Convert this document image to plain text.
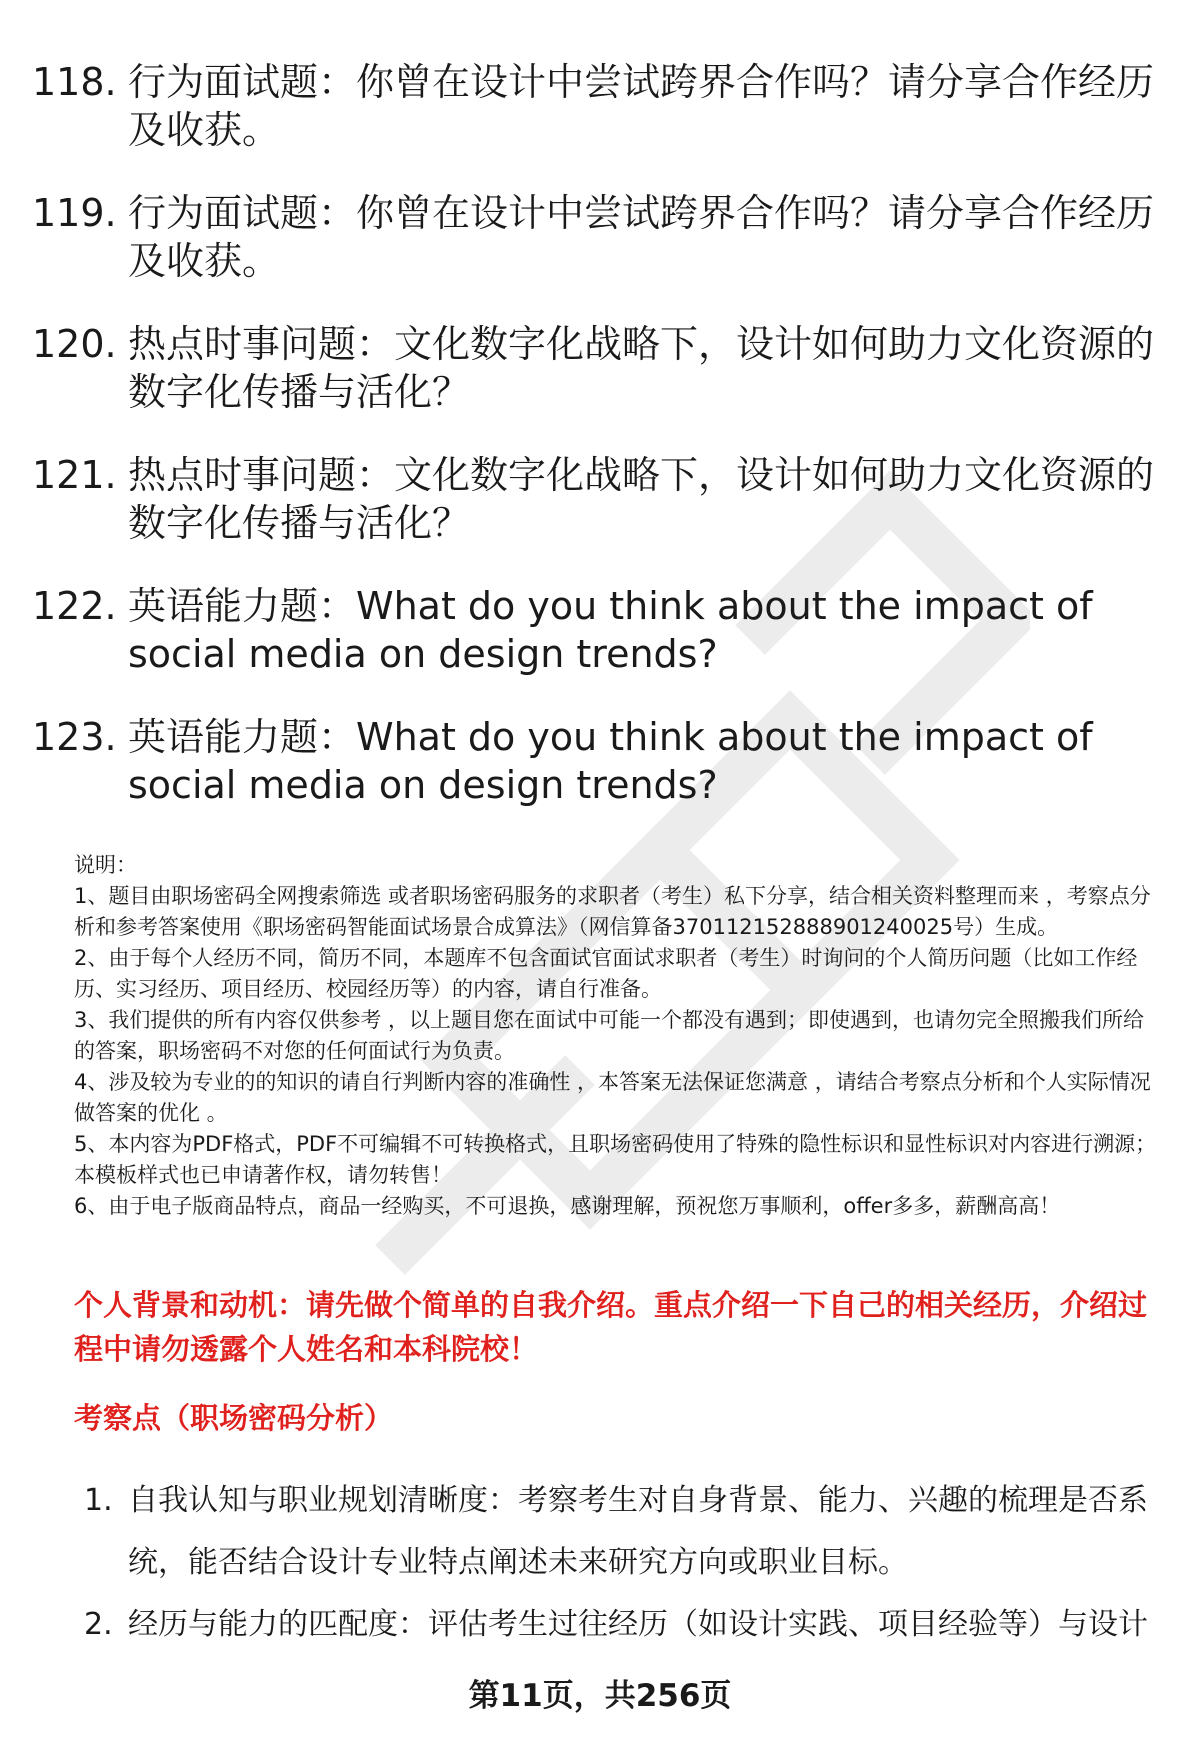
118. 行为面试题：你曾在设计中尝试跨界合作吗？请分享合作经历及收获。
119. 行为面试题：你曾在设计中尝试跨界合作吗？请分享合作经历及收获。
120. 热点时事问题：文化数字化战略下，设计如何助力文化资源的数字化传播与活化？
121. 热点时事问题：文化数字化战略下，设计如何助力文化资源的数字化传播与活化？
122. 英语能力题：What do you think about the impact of social media on design trends?
123. 英语能力题：What do you think about the impact of social media on design trends?

说明：

1、题目由职场密码全网搜索筛选 或者职场密码服务的求职者（考生）私下分享，结合相关资料整理而来 ，考察点分析和参考答案使用《职场密码智能面试场景合成算法》（网信算备370112152888901240025号）生成。

2、由于每个人经历不同，简历不同，本题库不包含面试官面试求职者（考生）时询问的个人简历问题（比如工作经历、实习经历、项目经历、校园经历等）的内容，请自行准备。

3、我们提供的所有内容仅供参考 ，以上题目您在面试中可能一个都没有遇到；即使遇到，也请勿完全照搬我们所给的答案，职场密码不对您的任何面试行为负责。

4、涉及较为专业的的知识的请自行判断内容的准确性 ，本答案无法保证您满意 ，请结合考察点分析和个人实际情况做答案的优化 。

5、本内容为PDF格式，PDF不可编辑不可转换格式，且职场密码使用了特殊的隐性标识和显性标识对内容进行溯源；本模板样式也已申请著作权，请勿转售！

6、由于电子版商品特点，商品一经购买，不可退换，感谢理解，预祝您万事顺利，offer多多，薪酬高高！

个人背景和动机：请先做个简单的自我介绍。重点介绍一下自己的相关经历，介绍过程中请勿透露个人姓名和本科院校！
考察点（职场密码分析）
1. 自我认知与职业规划清晰度：考察考生对自身背景、能力、兴趣的梳理是否系统，能否结合设计专业特点阐述未来研究方向或职业目标。
2. 经历与能力的匹配度：评估考生过往经历（如设计实践、项目经验等）与设计
第11页，共256页
